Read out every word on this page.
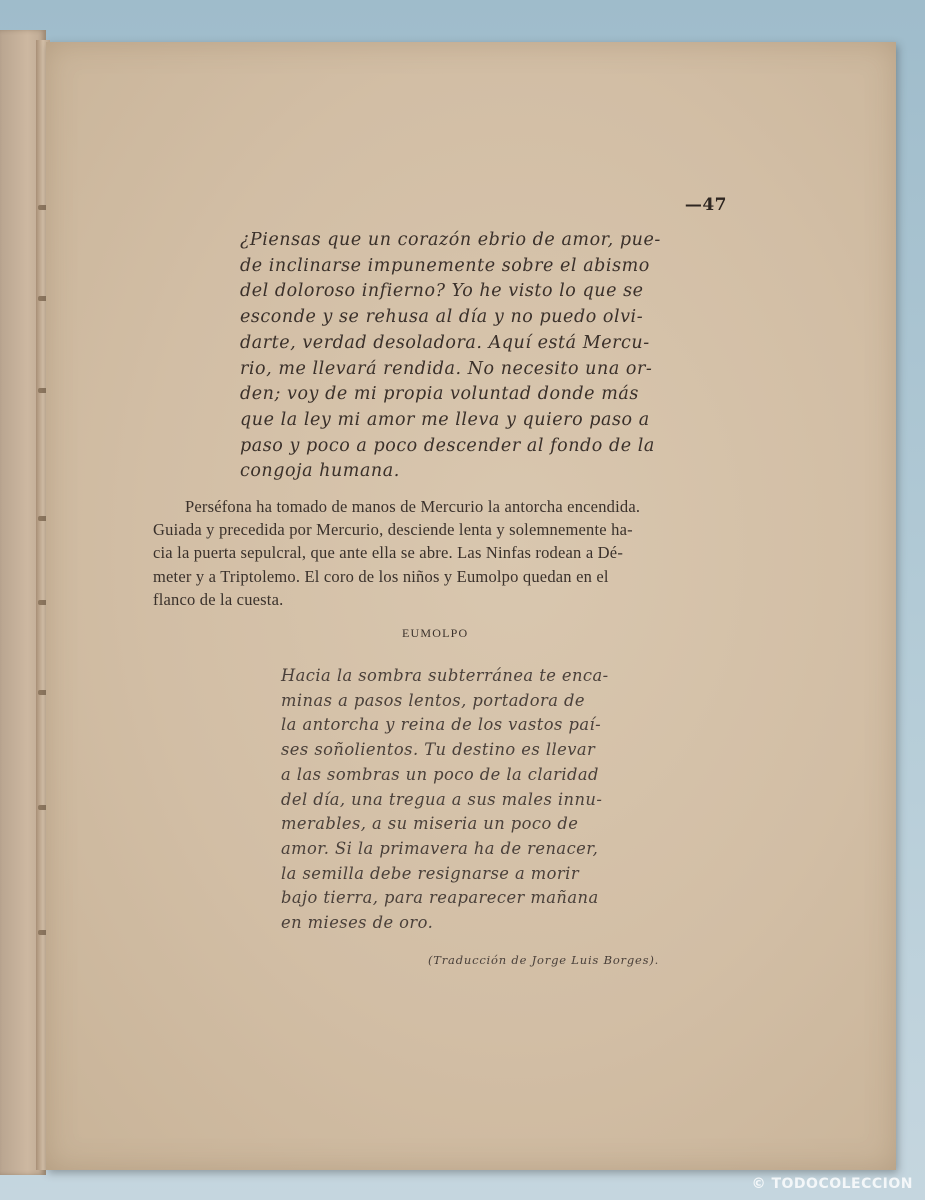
—47
¿Piensas que un corazón ebrio de amor, pue-
de inclinarse impunemente sobre el abismo
del doloroso infierno? Yo he visto lo que se
esconde y se rehusa al día y no puedo olvi-
darte, verdad desoladora. Aquí está Mercu-
rio, me llevará rendida. No necesito una or-
den; voy de mi propia voluntad donde más
que la ley mi amor me lleva y quiero paso a
paso y poco a poco descender al fondo de la
congoja humana.
Perséfona ha tomado de manos de Mercurio la antorcha encendida.
Guiada y precedida por Mercurio, desciende lenta y solemnemente ha-
cia la puerta sepulcral, que ante ella se abre. Las Ninfas rodean a Dé-
meter y a Triptolemo. El coro de los niños y Eumolpo quedan en el
flanco de la cuesta.
EUMOLPO
Hacia la sombra subterránea te enca-
minas a pasos lentos, portadora de
la antorcha y reina de los vastos paí-
ses soñolientos. Tu destino es llevar
a las sombras un poco de la claridad
del día, una tregua a sus males innu-
merables, a su miseria un poco de
amor. Si la primavera ha de renacer,
la semilla debe resignarse a morir
bajo tierra, para reaparecer mañana
en mieses de oro.
(Traducción de Jorge Luis Borges).
© TODOCOLECCION
